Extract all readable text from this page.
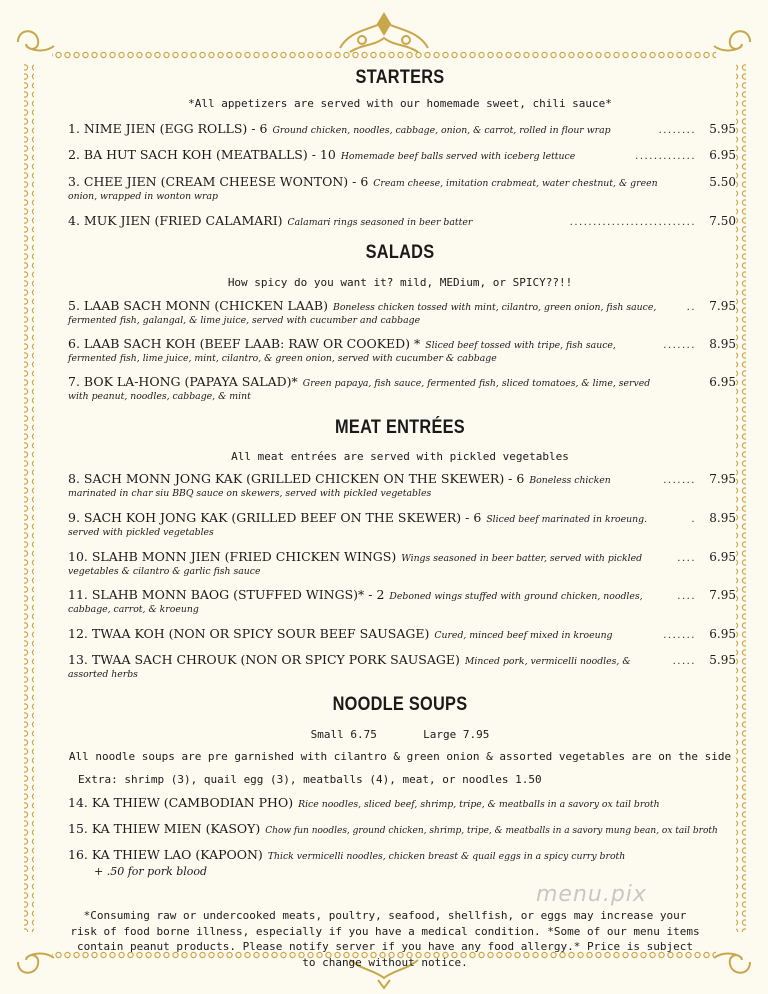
STARTERS
*All appetizers are served with our homemade sweet, chili sauce*
1. NIME JIEN (EGG ROLLS) - 6 Ground chicken, noodles, cabbage, onion, & carrot, rolled in flour wrap	........	5.95
2. BA HUT SACH KOH (MEATBALLS) - 10 Homemade beef balls served with iceberg lettuce	.............	6.95
3. CHEE JIEN (CREAM CHEESE WONTON) - 6 Cream cheese, imitation crabmeat, water chestnut, & green	5.50
onion, wrapped in wonton wrap
4. MUK JIEN (FRIED CALAMARI) Calamari rings seasoned in beer batter	...........................	7.50
SALADS
How spicy do you want it? mild, MEDium, or SPICY??!!
5. LAAB SACH MONN (CHICKEN LAAB) Boneless chicken tossed with mint, cilantro, green onion, fish sauce,	..	7.95
fermented fish, galangal, & lime juice, served with cucumber and cabbage
6. LAAB SACH KOH (BEEF LAAB: RAW OR COOKED) * Sliced beef tossed with tripe, fish sauce,	.......	8.95
fermented fish, lime juice, mint, cilantro, & green onion, served with cucumber & cabbage
7. BOK LA-HONG (PAPAYA SALAD)* Green papaya, fish sauce, fermented fish, sliced tomatoes, & lime, served	6.95
with peanut, noodles, cabbage, & mint
MEAT ENTRÉES
All meat entrées are served with pickled vegetables
8. SACH MONN JONG KAK (GRILLED CHICKEN ON THE SKEWER) - 6 Boneless chicken	.......	7.95
marinated in char siu BBQ sauce on skewers, served with pickled vegetables
9. SACH KOH JONG KAK (GRILLED BEEF ON THE SKEWER) - 6 Sliced beef marinated in kroeung.	.	8.95
served with pickled vegetables
10. SLAHB MONN JIEN (FRIED CHICKEN WINGS) Wings seasoned in beer batter, served with pickled	....	6.95
vegetables & cilantro & garlic fish sauce
11. SLAHB MONN BAOG (STUFFED WINGS)* - 2 Deboned wings stuffed with ground chicken, noodles,	....	7.95
cabbage, carrot, & kroeung
12. TWAA KOH (NON OR SPICY SOUR BEEF SAUSAGE) Cured, minced beef mixed in kroeung	.......	6.95
13. TWAA SACH CHROUK (NON OR SPICY PORK SAUSAGE) Minced pork, vermicelli noodles, &	.....	5.95
assorted herbs
NOODLE SOUPS
Small 6.75       Large 7.95
All noodle soups are pre garnished with cilantro & green onion & assorted vegetables are on the side
Extra: shrimp (3), quail egg (3), meatballs (4), meat, or noodles 1.50
14. KA THIEW (CAMBODIAN PHO) Rice noodles, sliced beef, shrimp, tripe, & meatballs in a savory ox tail broth
15. KA THIEW MIEN (KASOY) Chow fun noodles, ground chicken, shrimp, tripe, & meatballs in a savory mung bean, ox tail broth
16. KA THIEW LAO (KAPOON) Thick vermicelli noodles, chicken breast & quail eggs in a spicy curry broth
+ .50 for pork blood
menu.pix
*Consuming raw or undercooked meats, poultry, seafood, shellfish, or eggs may increase your risk of food borne illness, especially if you have a medical condition. *Some of our menu items contain peanut products. Please notify server if you have any food allergy.* Price is subject to change without notice.
